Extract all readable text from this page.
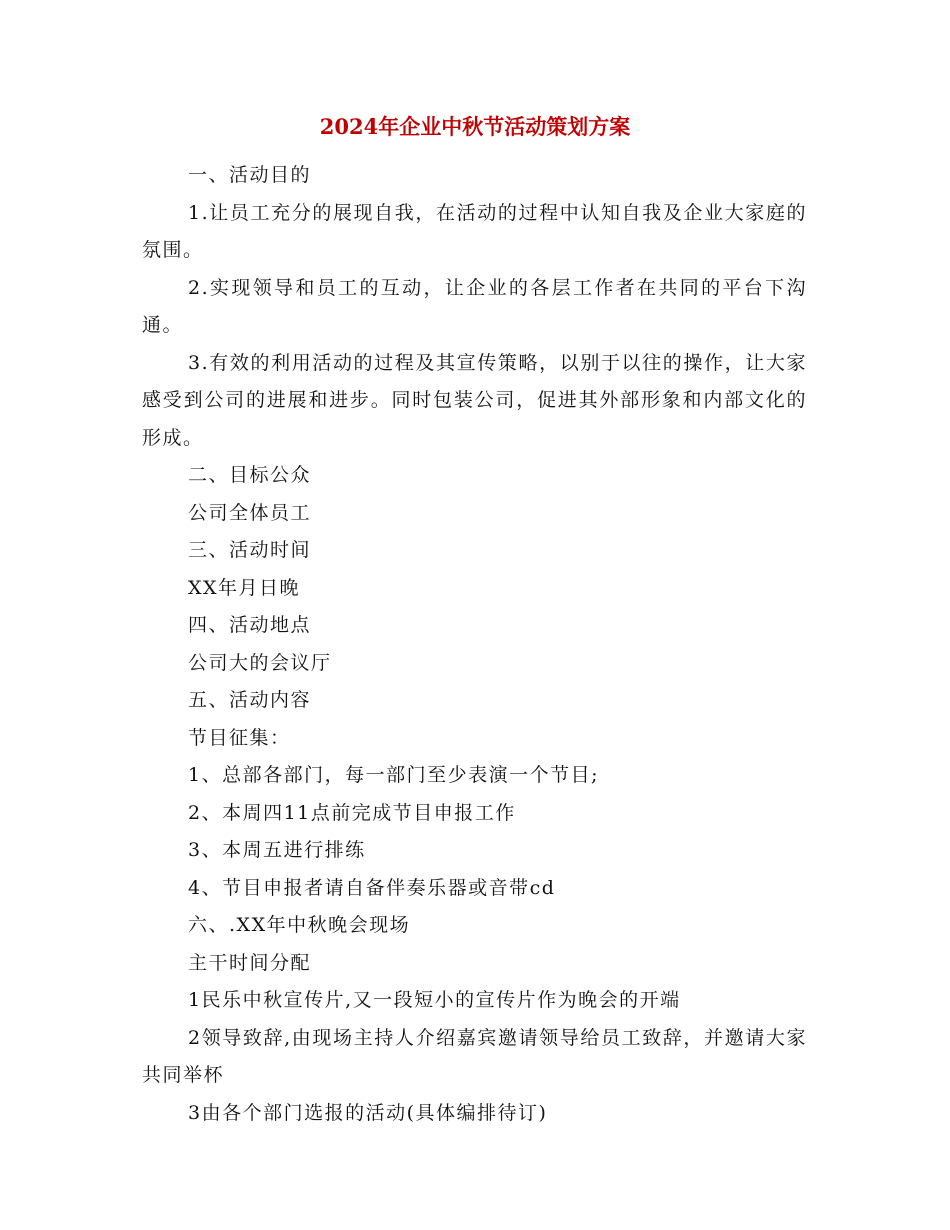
2024年企业中秋节活动策划方案

一、活动目的

1.让员工充分的展现自我，在活动的过程中认知自我及企业大家庭的氛围。

2.实现领导和员工的互动，让企业的各层工作者在共同的平台下沟通。

3.有效的利用活动的过程及其宣传策略，以别于以往的操作，让大家感受到公司的进展和进步。同时包装公司，促进其外部形象和内部文化的形成。

二、目标公众

公司全体员工

三、活动时间

XX年月日晚

四、活动地点

公司大的会议厅

五、活动内容

节目征集：

1、总部各部门，每一部门至少表演一个节目;

2、本周四11点前完成节目申报工作

3、本周五进行排练

4、节目申报者请自备伴奏乐器或音带cd

六、.XX年中秋晚会现场

主干时间分配

1民乐中秋宣传片,又一段短小的宣传片作为晚会的开端

2领导致辞,由现场主持人介绍嘉宾邀请领导给员工致辞，并邀请大家共同举杯

3由各个部门选报的活动(具体编排待订)
